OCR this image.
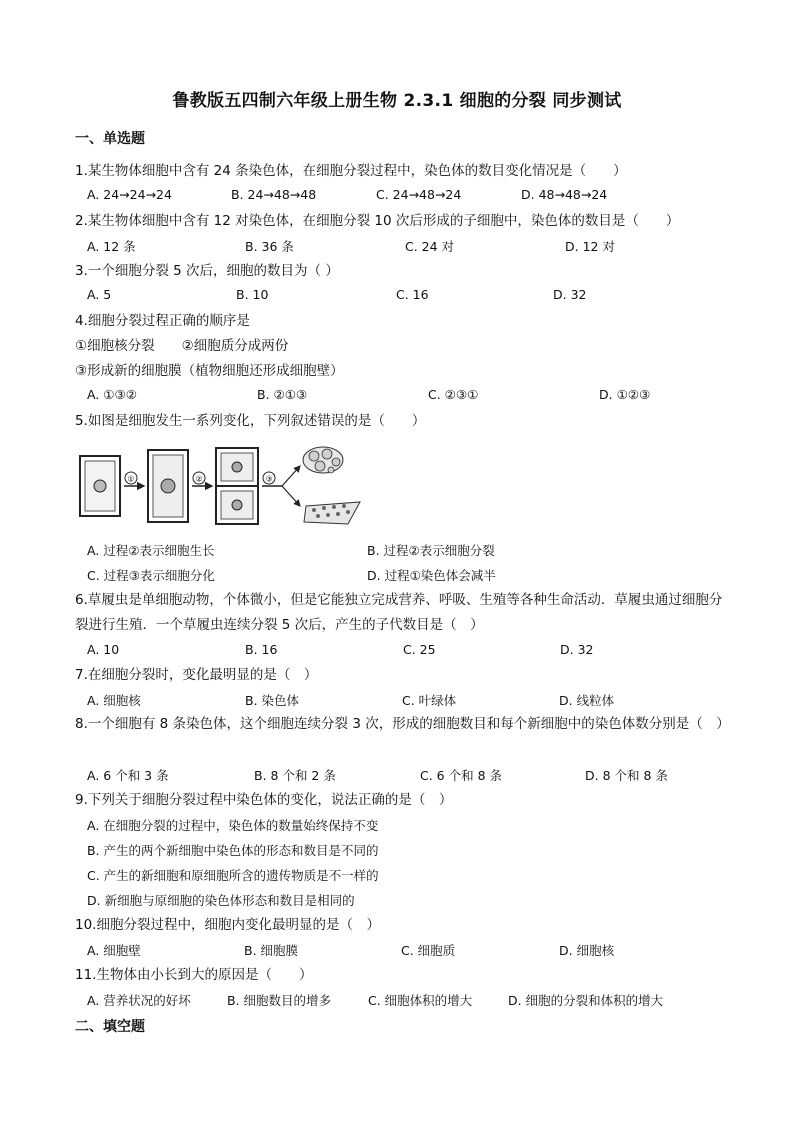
鲁教版五四制六年级上册生物 2.3.1 细胞的分裂 同步测试
一、单选题
1.某生物体细胞中含有 24 条染色体，在细胞分裂过程中，染色体的数目变化情况是（　　）
A. 24→24→24	B. 24→48→48	C. 24→48→24	D. 48→48→24
2.某生物体细胞中含有 12 对染色体，在细胞分裂 10 次后形成的子细胞中，染色体的数目是（　　）
A. 12 条	B. 36 条	C. 24 对	D. 12 对
3.一个细胞分裂 5 次后，细胞的数目为（ ）
A. 5	B. 10	C. 16	D. 32
4.细胞分裂过程正确的顺序是
①细胞核分裂　　②细胞质分成两份
③形成新的细胞膜（植物细胞还形成细胞壁）
A. ①③②	B. ②①③	C. ②③①	D. ①②③
5.如图是细胞发生一系列变化，下列叙述错误的是（　　）
①	②	③
A. 过程②表示细胞生长	B. 过程②表示细胞分裂
C. 过程③表示细胞分化	D. 过程①染色体会减半
6.草履虫是单细胞动物，个体微小，但是它能独立完成营养、呼吸、生殖等各种生命活动．草履虫通过细胞分裂进行生殖．一个草履虫连续分裂 5 次后，产生的子代数目是（　）
A. 10	B. 16	C. 25	D. 32
7.在细胞分裂时，变化最明显的是（　）
A. 细胞核	B. 染色体	C. 叶绿体	D. 线粒体
8.一个细胞有 8 条染色体，这个细胞连续分裂 3 次，形成的细胞数目和每个新细胞中的染色体数分别是（　）
A. 6 个和 3 条	B. 8 个和 2 条	C. 6 个和 8 条	D. 8 个和 8 条
9.下列关于细胞分裂过程中染色体的变化，说法正确的是（　）
A. 在细胞分裂的过程中，染色体的数量始终保持不变
B. 产生的两个新细胞中染色体的形态和数目是不同的
C. 产生的新细胞和原细胞所含的遗传物质是不一样的
D. 新细胞与原细胞的染色体形态和数目是相同的
10.细胞分裂过程中，细胞内变化最明显的是（　）
A. 细胞壁	B. 细胞膜	C. 细胞质	D. 细胞核
11.生物体由小长到大的原因是（　　）
A. 营养状况的好坏	B. 细胞数目的增多	C. 细胞体积的增大	D. 细胞的分裂和体积的增大
二、填空题
